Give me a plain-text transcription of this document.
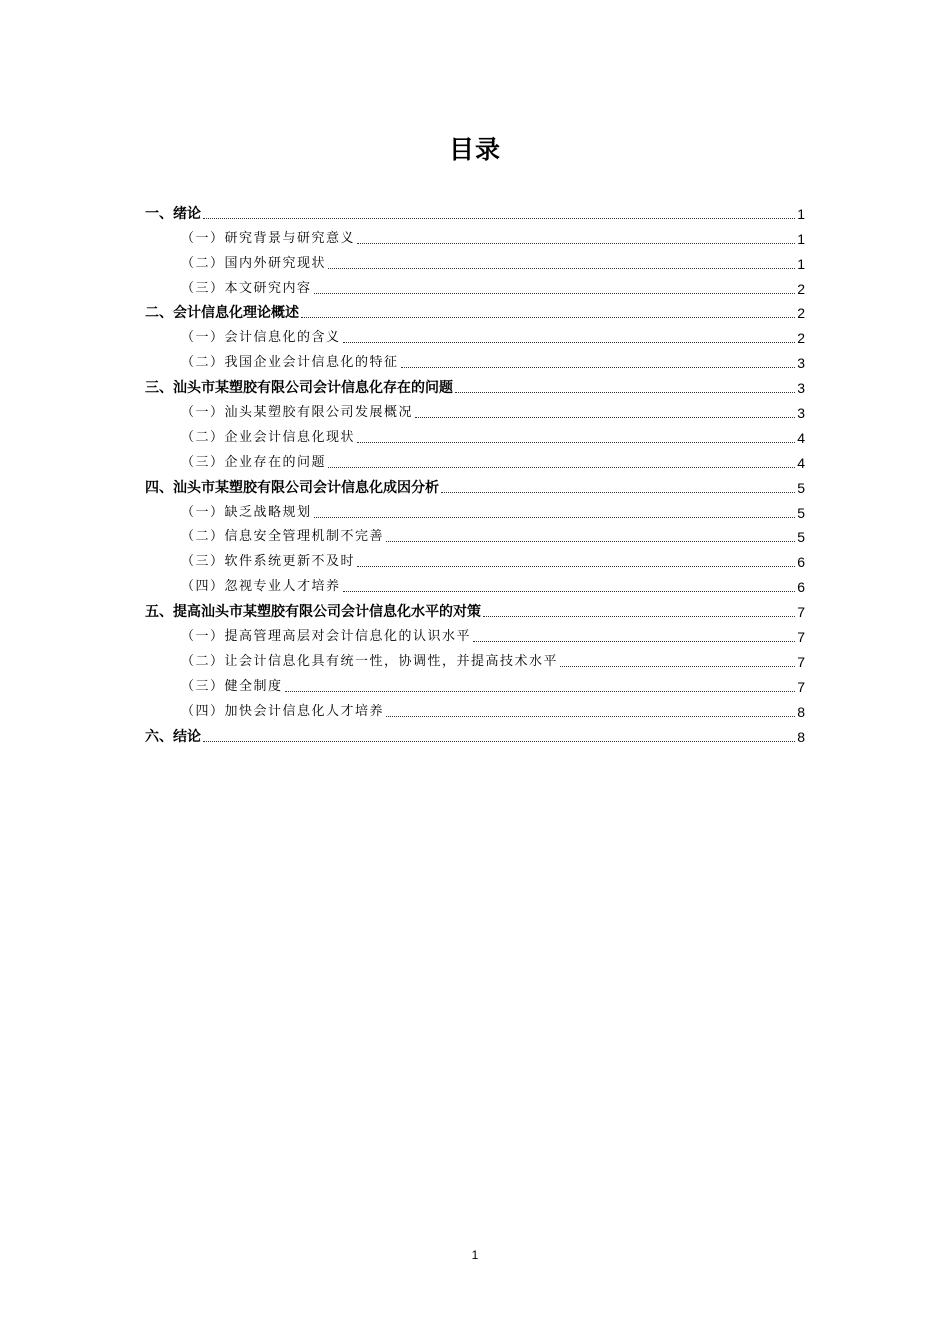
目录
一、绪论	1
（一）研究背景与研究意义	1
（二）国内外研究现状	1
（三）本文研究内容	2
二、会计信息化理论概述	2
（一）会计信息化的含义	2
（二）我国企业会计信息化的特征	3
三、汕头市某塑胶有限公司会计信息化存在的问题	3
（一）汕头某塑胶有限公司发展概况	3
（二）企业会计信息化现状	4
（三）企业存在的问题	4
四、汕头市某塑胶有限公司会计信息化成因分析	5
（一）缺乏战略规划	5
（二）信息安全管理机制不完善	5
（三）软件系统更新不及时	6
（四）忽视专业人才培养	6
五、提高汕头市某塑胶有限公司会计信息化水平的对策	7
（一）提高管理高层对会计信息化的认识水平	7
（二）让会计信息化具有统一性，协调性，并提高技术水平	7
（三）健全制度	7
（四）加快会计信息化人才培养	8
六、结论	8
1
